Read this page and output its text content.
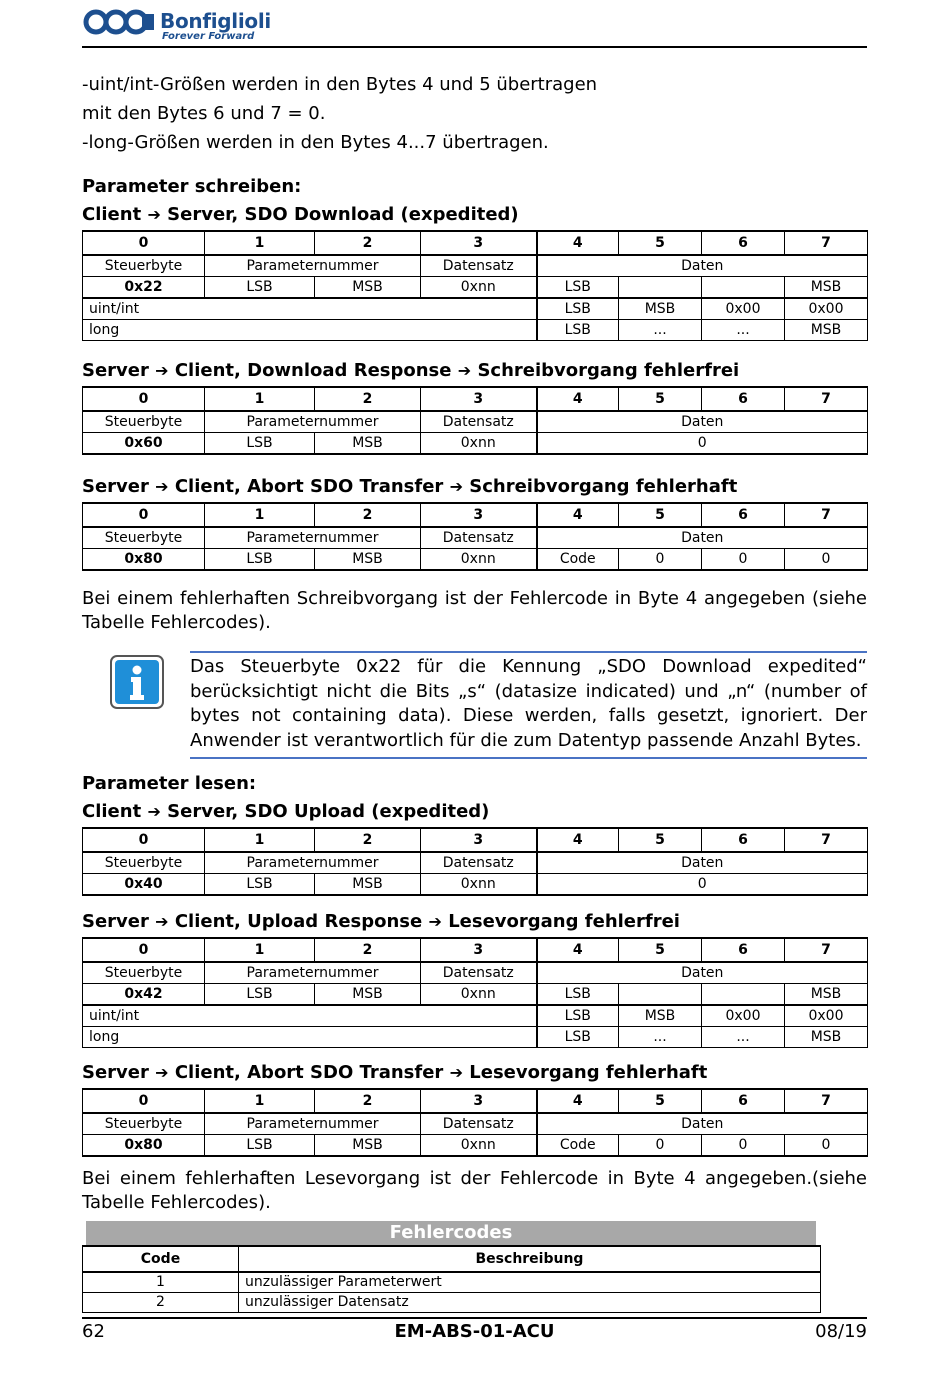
Bonfiglioli
Forever Forward
-uint/int-Größen werden in den Bytes 4 und 5 übertragen
mit den Bytes 6 und 7 = 0.
-long-Größen werden in den Bytes 4...7 übertragen.
Parameter schreiben:
Client ➔ Server, SDO Download (expedited)
0	1	2	3	4	5	6	7
Steuerbyte	Parameternummer		Datensatz	Daten			
0x22	LSB	MSB	0xnn	LSB			MSB
uint/int				LSB	MSB	0x00	0x00
long				LSB	...	...	MSB
Server ➔ Client, Download Response ➔ Schreibvorgang fehlerfrei
0	1	2	3	4	5	6	7
Steuerbyte	Parameternummer		Datensatz	Daten			
0x60	LSB	MSB	0xnn	0			
Server ➔ Client, Abort SDO Transfer ➔ Schreibvorgang fehlerhaft
0	1	2	3	4	5	6	7
Steuerbyte	Parameternummer		Datensatz	Daten			
0x80	LSB	MSB	0xnn	Code	0	0	0
Bei einem fehlerhaften Schreibvorgang ist der Fehlercode in Byte 4 angegeben (siehe Tabelle Fehlercodes).
Das Steuerbyte 0x22 für die Kennung „SDO Download expedited“ berücksichtigt nicht die Bits „s“ (datasize indicated) und „n“ (number of bytes not containing data). Diese werden, falls gesetzt, ignoriert. Der Anwender ist verantwortlich für die zum Datentyp passende Anzahl Bytes.
Parameter lesen:
Client ➔ Server, SDO Upload (expedited)
0	1	2	3	4	5	6	7
Steuerbyte	Parameternummer		Datensatz	Daten			
0x40	LSB	MSB	0xnn	0			
Server ➔ Client, Upload Response ➔ Lesevorgang fehlerfrei
0	1	2	3	4	5	6	7
Steuerbyte	Parameternummer		Datensatz	Daten			
0x42	LSB	MSB	0xnn	LSB			MSB
uint/int				LSB	MSB	0x00	0x00
long				LSB	...	...	MSB
Server ➔ Client, Abort SDO Transfer ➔ Lesevorgang fehlerhaft
0	1	2	3	4	5	6	7
Steuerbyte	Parameternummer		Datensatz	Daten			
0x80	LSB	MSB	0xnn	Code	0	0	0
Bei einem fehlerhaften Lesevorgang ist der Fehlercode in Byte 4 angegeben.(siehe Tabelle Fehlercodes).
Fehlercodes
Code	Beschreibung
1	unzulässiger Parameterwert
2	unzulässiger Datensatz
62	EM-ABS-01-ACU	08/19
